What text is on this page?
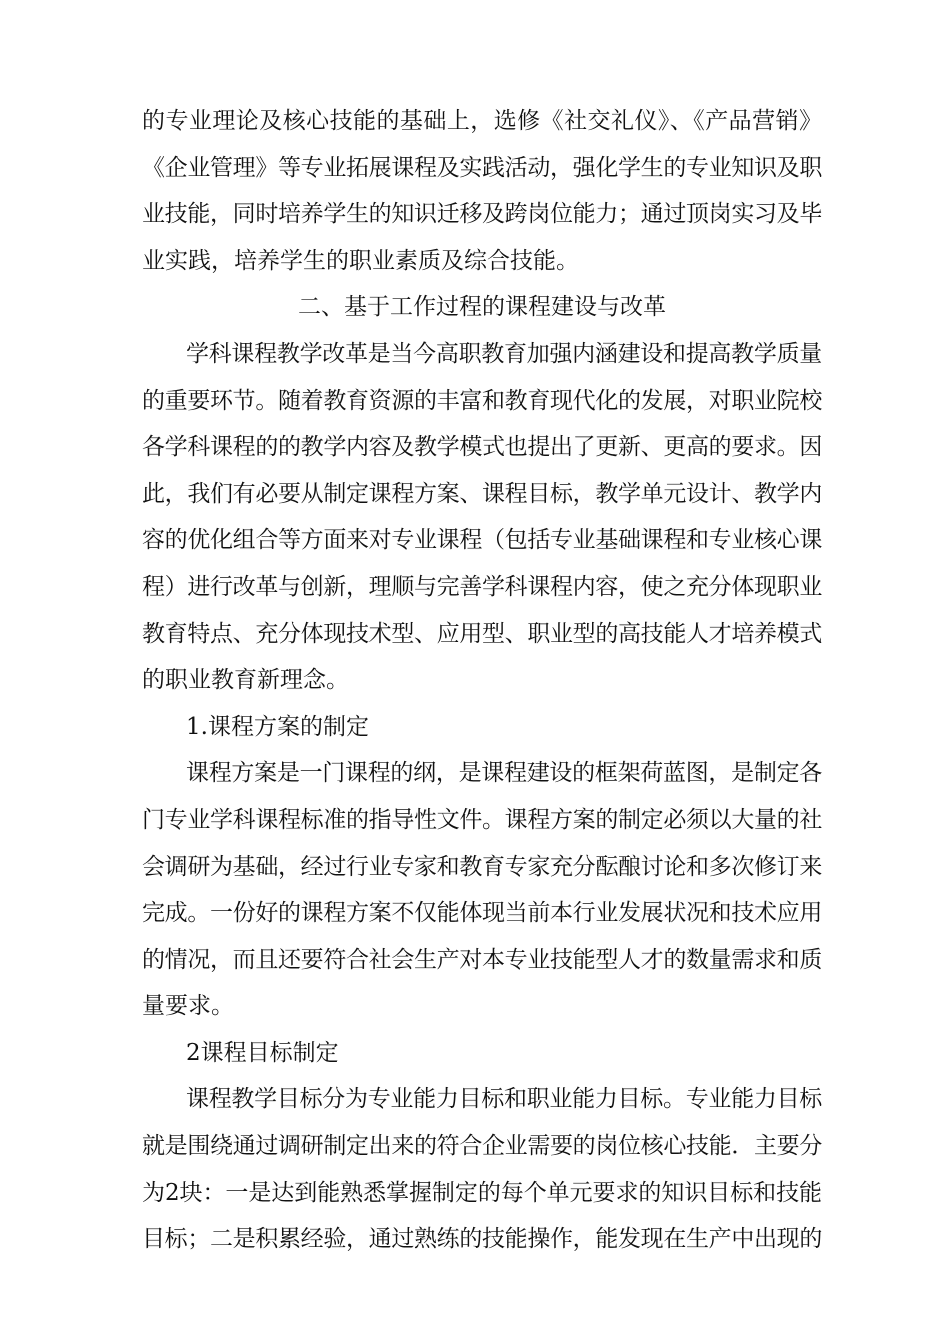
的专业理论及核心技能的基础上，选修《社交礼仪》、《产品营销》
《企业管理》等专业拓展课程及实践活动，强化学生的专业知识及职
业技能，同时培养学生的知识迁移及跨岗位能力；通过顶岗实习及毕
业实践，培养学生的职业素质及综合技能。
二、基于工作过程的课程建设与改革
学科课程教学改革是当今高职教育加强内涵建设和提高教学质量
的重要环节。随着教育资源的丰富和教育现代化的发展，对职业院校
各学科课程的的教学内容及教学模式也提出了更新、更高的要求。因
此，我们有必要从制定课程方案、课程目标，教学单元设计、教学内
容的优化组合等方面来对专业课程（包括专业基础课程和专业核心课
程）进行改革与创新，理顺与完善学科课程内容，使之充分体现职业
教育特点、充分体现技术型、应用型、职业型的高技能人才培养模式
的职业教育新理念。
1.课程方案的制定
课程方案是一门课程的纲，是课程建设的框架荷蓝图，是制定各
门专业学科课程标准的指导性文件。课程方案的制定必须以大量的社
会调研为基础，经过行业专家和教育专家充分酝酿讨论和多次修订来
完成。一份好的课程方案不仅能体现当前本行业发展状况和技术应用
的情况，而且还要符合社会生产对本专业技能型人才的数量需求和质
量要求。
2课程目标制定
课程教学目标分为专业能力目标和职业能力目标。专业能力目标
就是围绕通过调研制定出来的符合企业需要的岗位核心技能．主要分
为2块：一是达到能熟悉掌握制定的每个单元要求的知识目标和技能
目标；二是积累经验，通过熟练的技能操作，能发现在生产中出现的
